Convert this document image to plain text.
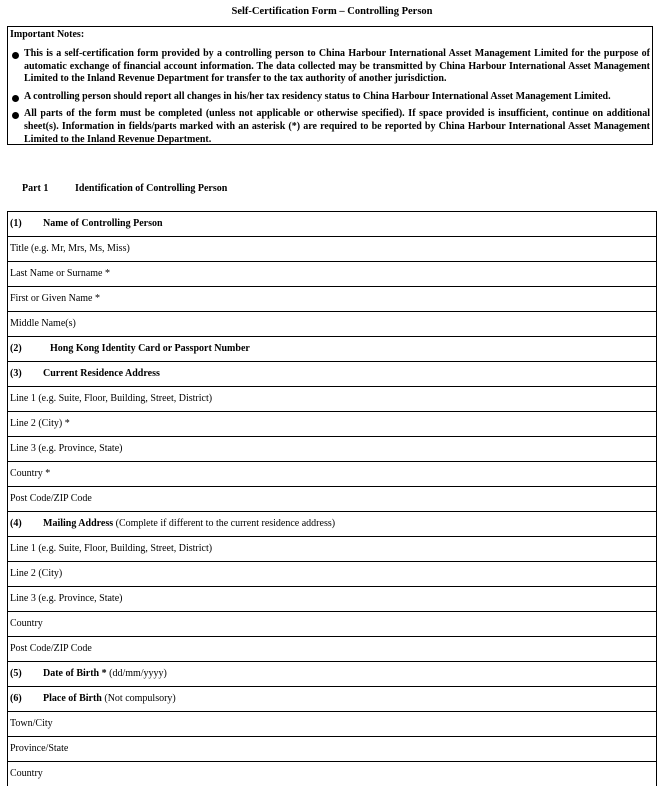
Self-Certification Form – Controlling Person
Important Notes:
This is a self-certification form provided by a controlling person to China Harbour International Asset Management Limited for the purpose of automatic exchange of financial account information. The data collected may be transmitted by China Harbour International Asset Management Limited to the Inland Revenue Department for transfer to the tax authority of another jurisdiction.
A controlling person should report all changes in his/her tax residency status to China Harbour International Asset Management Limited.
All parts of the form must be completed (unless not applicable or otherwise specified). If space provided is insufficient, continue on additional sheet(s). Information in fields/parts marked with an asterisk (*) are required to be reported by China Harbour International Asset Management Limited to the Inland Revenue Department.
Part 1	Identification of Controlling Person
(1) Name of Controlling Person
Title (e.g. Mr, Mrs, Ms, Miss)
Last Name or Surname *
First or Given Name *
Middle Name(s)
(2)	Hong Kong Identity Card or Passport Number
(3) Current Residence Address
Line 1 (e.g. Suite, Floor, Building, Street, District)
Line 2 (City) *
Line 3 (e.g. Province, State)
Country *
Post Code/ZIP Code
(4) Mailing Address (Complete if different to the current residence address)
Line 1 (e.g. Suite, Floor, Building, Street, District)
Line 2 (City)
Line 3 (e.g. Province, State)
Country
Post Code/ZIP Code
(5) Date of Birth * (dd/mm/yyyy)
(6) Place of Birth (Not compulsory)
Town/City
Province/State
Country
